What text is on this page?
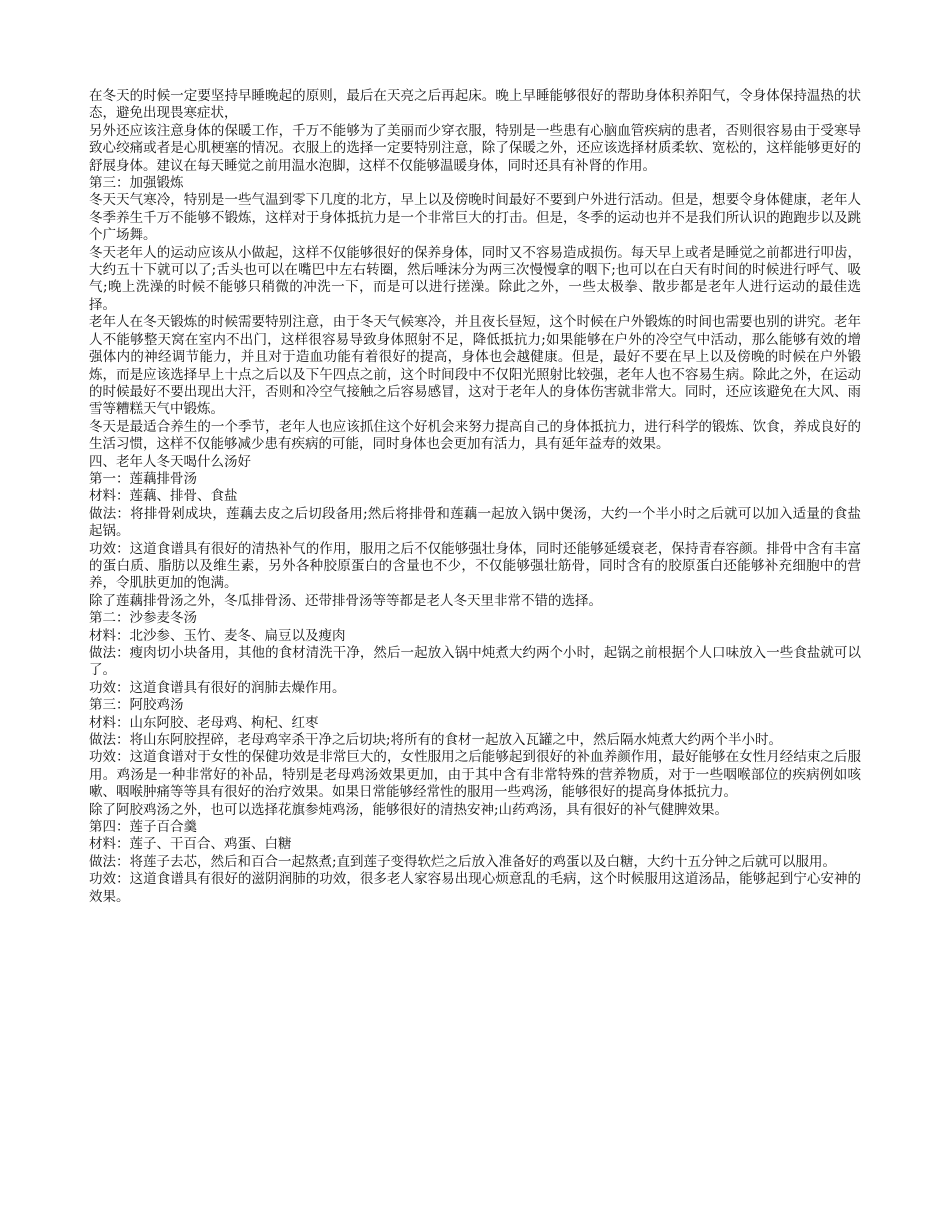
在冬天的时候一定要坚持早睡晚起的原则，最后在天亮之后再起床。晚上早睡能够很好的帮助身体积养阳气，令身体保持温热的状态，避免出现畏寒症状，

另外还应该注意身体的保暖工作，千万不能够为了美丽而少穿衣服，特别是一些患有心脑血管疾病的患者，否则很容易由于受寒导致心绞痛或者是心肌梗塞的情况。衣服上的选择一定要特别注意，除了保暖之外，还应该选择材质柔软、宽松的，这样能够更好的舒展身体。建议在每天睡觉之前用温水泡脚，这样不仅能够温暖身体，同时还具有补肾的作用。

第三：加强锻炼

冬天天气寒冷，特别是一些气温到零下几度的北方，早上以及傍晚时间最好不要到户外进行活动。但是，想要令身体健康，老年人冬季养生千万不能够不锻炼，这样对于身体抵抗力是一个非常巨大的打击。但是，冬季的运动也并不是我们所认识的跑跑步以及跳个广场舞。

冬天老年人的运动应该从小做起，这样不仅能够很好的保养身体，同时又不容易造成损伤。每天早上或者是睡觉之前都进行叩齿，大约五十下就可以了;舌头也可以在嘴巴中左右转圈，然后唾沫分为两三次慢慢拿的咽下;也可以在白天有时间的时候进行呼气、吸气;晚上洗澡的时候不能够只稍微的冲洗一下，而是可以进行搓澡。除此之外，一些太极拳、散步都是老年人进行运动的最佳选择。

老年人在冬天锻炼的时候需要特别注意，由于冬天气候寒冷，并且夜长昼短，这个时候在户外锻炼的时间也需要也别的讲究。老年人不能够整天窝在室内不出门，这样很容易导致身体照射不足，降低抵抗力;如果能够在户外的冷空气中活动，那么能够有效的增强体内的神经调节能力，并且对于造血功能有着很好的提高，身体也会越健康。但是，最好不要在早上以及傍晚的时候在户外锻炼，而是应该选择早上十点之后以及下午四点之前，这个时间段中不仅阳光照射比较强，老年人也不容易生病。除此之外，在运动的时候最好不要出现出大汗，否则和冷空气接触之后容易感冒，这对于老年人的身体伤害就非常大。同时，还应该避免在大风、雨雪等糟糕天气中锻炼。

冬天是最适合养生的一个季节，老年人也应该抓住这个好机会来努力提高自己的身体抵抗力，进行科学的锻炼、饮食，养成良好的生活习惯，这样不仅能够减少患有疾病的可能，同时身体也会更加有活力，具有延年益寿的效果。

四、老年人冬天喝什么汤好

第一：莲藕排骨汤

材料：莲藕、排骨、食盐

做法：将排骨剁成块，莲藕去皮之后切段备用;然后将排骨和莲藕一起放入锅中煲汤，大约一个半小时之后就可以加入适量的食盐起锅。

功效：这道食谱具有很好的清热补气的作用，服用之后不仅能够强壮身体，同时还能够延缓衰老，保持青春容颜。排骨中含有丰富的蛋白质、脂肪以及维生素，另外各种胶原蛋白的含量也不少，不仅能够强壮筋骨，同时含有的胶原蛋白还能够补充细胞中的营养，令肌肤更加的饱满。

除了莲藕排骨汤之外，冬瓜排骨汤、还带排骨汤等等都是老人冬天里非常不错的选择。

第二：沙参麦冬汤

材料：北沙参、玉竹、麦冬、扁豆以及瘦肉

做法：瘦肉切小块备用，其他的食材清洗干净，然后一起放入锅中炖煮大约两个小时，起锅之前根据个人口味放入一些食盐就可以了。

功效：这道食谱具有很好的润肺去燥作用。

第三：阿胶鸡汤

材料：山东阿胶、老母鸡、枸杞、红枣

做法：将山东阿胶捏碎，老母鸡宰杀干净之后切块;将所有的食材一起放入瓦罐之中，然后隔水炖煮大约两个半小时。

功效：这道食谱对于女性的保健功效是非常巨大的，女性服用之后能够起到很好的补血养颜作用，最好能够在女性月经结束之后服用。鸡汤是一种非常好的补品，特别是老母鸡汤效果更加，由于其中含有非常特殊的营养物质，对于一些咽喉部位的疾病例如咳嗽、咽喉肿痛等等具有很好的治疗效果。如果日常能够经常性的服用一些鸡汤，能够很好的提高身体抵抗力。

除了阿胶鸡汤之外，也可以选择花旗参炖鸡汤，能够很好的清热安神;山药鸡汤，具有很好的补气健脾效果。

第四：莲子百合羹

材料：莲子、干百合、鸡蛋、白糖

做法：将莲子去芯，然后和百合一起熬煮;直到莲子变得软烂之后放入准备好的鸡蛋以及白糖，大约十五分钟之后就可以服用。

功效：这道食谱具有很好的滋阴润肺的功效，很多老人家容易出现心烦意乱的毛病，这个时候服用这道汤品，能够起到宁心安神的效果。
